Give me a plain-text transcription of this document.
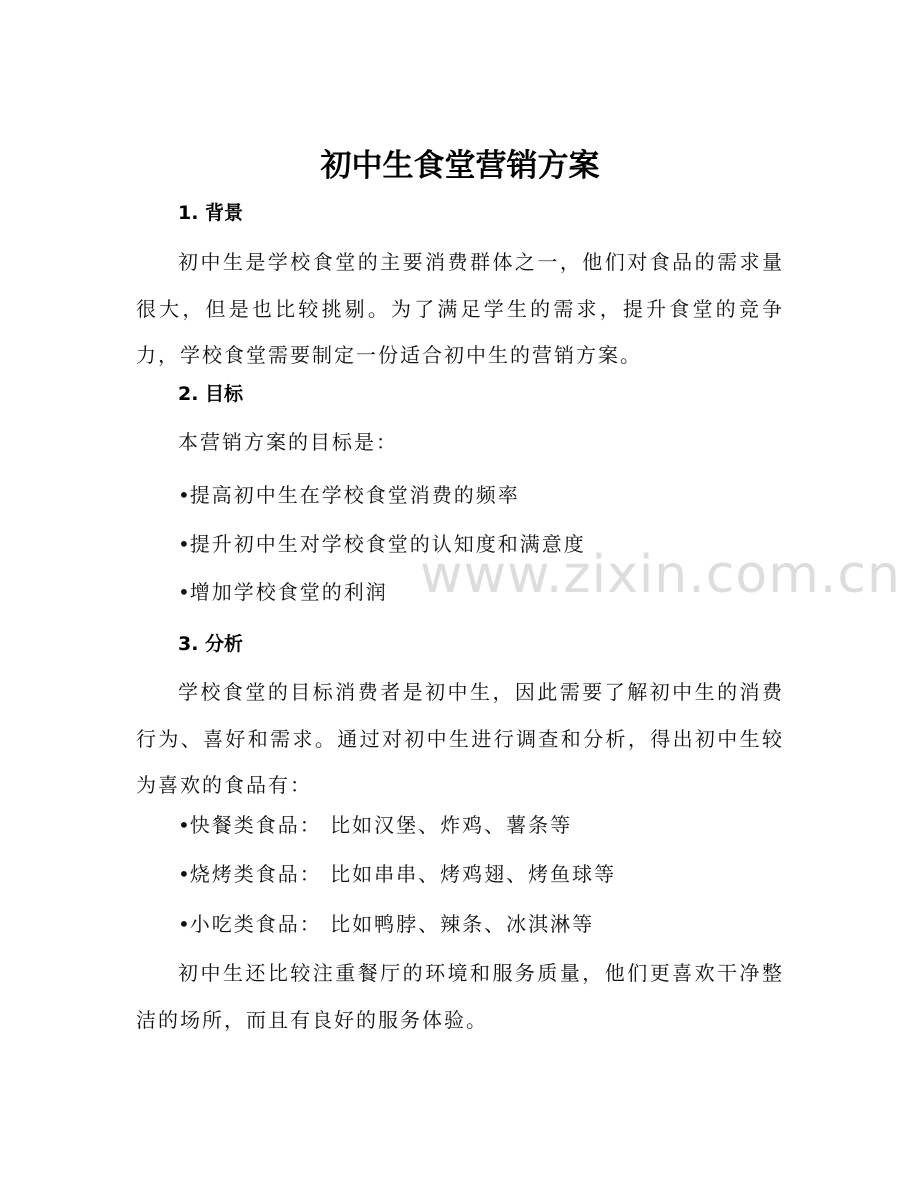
初中生食堂营销方案
1. 背景
初中生是学校食堂的主要消费群体之一，他们对食品的需求量很大，但是也比较挑剔。为了满足学生的需求，提升食堂的竞争力，学校食堂需要制定一份适合初中生的营销方案。
2. 目标
本营销方案的目标是：
•提高初中生在学校食堂消费的频率
•提升初中生对学校食堂的认知度和满意度
•增加学校食堂的利润
3. 分析
学校食堂的目标消费者是初中生，因此需要了解初中生的消费行为、喜好和需求。通过对初中生进行调查和分析，得出初中生较为喜欢的食品有：
•快餐类食品： 比如汉堡、炸鸡、薯条等
•烧烤类食品： 比如串串、烤鸡翅、烤鱼球等
•小吃类食品： 比如鸭脖、辣条、冰淇淋等
初中生还比较注重餐厅的环境和服务质量，他们更喜欢干净整洁的场所，而且有良好的服务体验。
www.zixin.com.cn
